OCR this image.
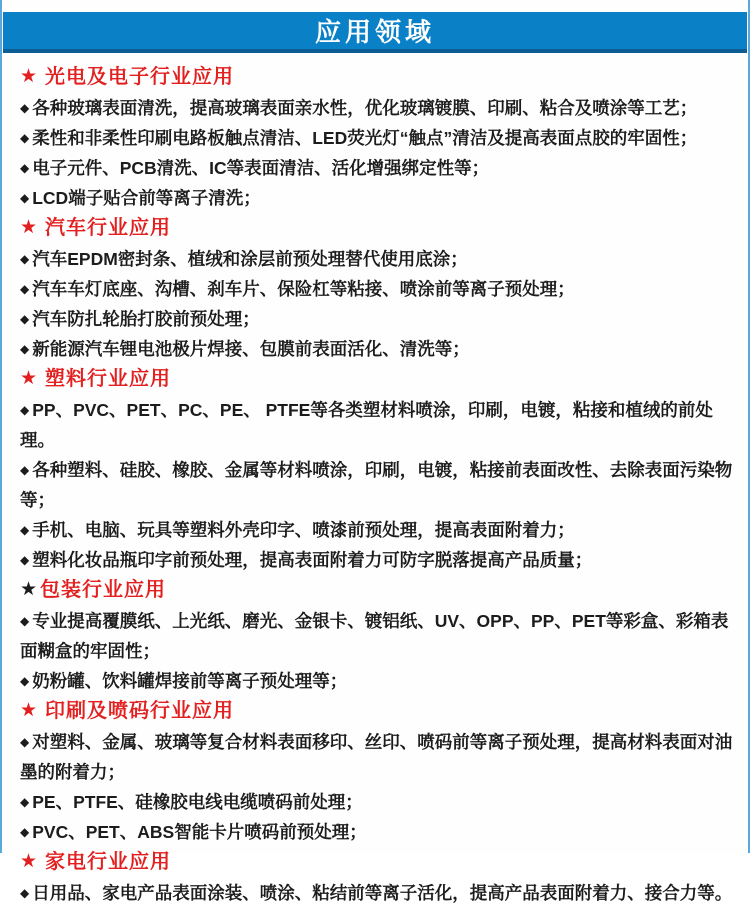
应用领域
★ 光电及电子行业应用

◆ 各种玻璃表面清洗，提高玻璃表面亲水性，优化玻璃镀膜、印刷、粘合及喷涂等工艺；

◆ 柔性和非柔性印刷电路板触点清洁、LED荧光灯“触点”清洁及提高表面点胶的牢固性；

◆ 电子元件、PCB清洗、IC等表面清洁、活化增强绑定性等；

◆ LCD端子贴合前等离子清洗；

★ 汽车行业应用

◆ 汽车EPDM密封条、植绒和涂层前预处理替代使用底涂；

◆ 汽车车灯底座、沟槽、刹车片、保险杠等粘接、喷涂前等离子预处理；

◆ 汽车防扎轮胎打胶前预处理；

◆ 新能源汽车锂电池极片焊接、包膜前表面活化、清洗等；

★ 塑料行业应用

◆ PP、PVC、PET、PC、PE、 PTFE等各类塑材料喷涂，印刷，电镀，粘接和植绒的前处理。

◆ 各种塑料、硅胶、橡胶、金属等材料喷涂，印刷，电镀，粘接前表面改性、去除表面污染物等；

◆ 手机、电脑、玩具等塑料外壳印字、喷漆前预处理，提高表面附着力；

◆ 塑料化妆品瓶印字前预处理，提高表面附着力可防字脱落提高产品质量；

★ 包装行业应用

◆ 专业提高覆膜纸、上光纸、磨光、金银卡、镀铝纸、UV、OPP、PP、PET等彩盒、彩箱表面糊盒的牢固性；

◆ 奶粉罐、饮料罐焊接前等离子预处理等；

★ 印刷及喷码行业应用

◆ 对塑料、金属、玻璃等复合材料表面移印、丝印、喷码前等离子预处理，提高材料表面对油墨的附着力；

◆ PE、PTFE、硅橡胶电线电缆喷码前处理；

◆ PVC、PET、ABS智能卡片喷码前预处理；

★ 家电行业应用

◆ 日用品、家电产品表面涂装、喷涂、粘结前等离子活化，提高产品表面附着力、接合力等。
